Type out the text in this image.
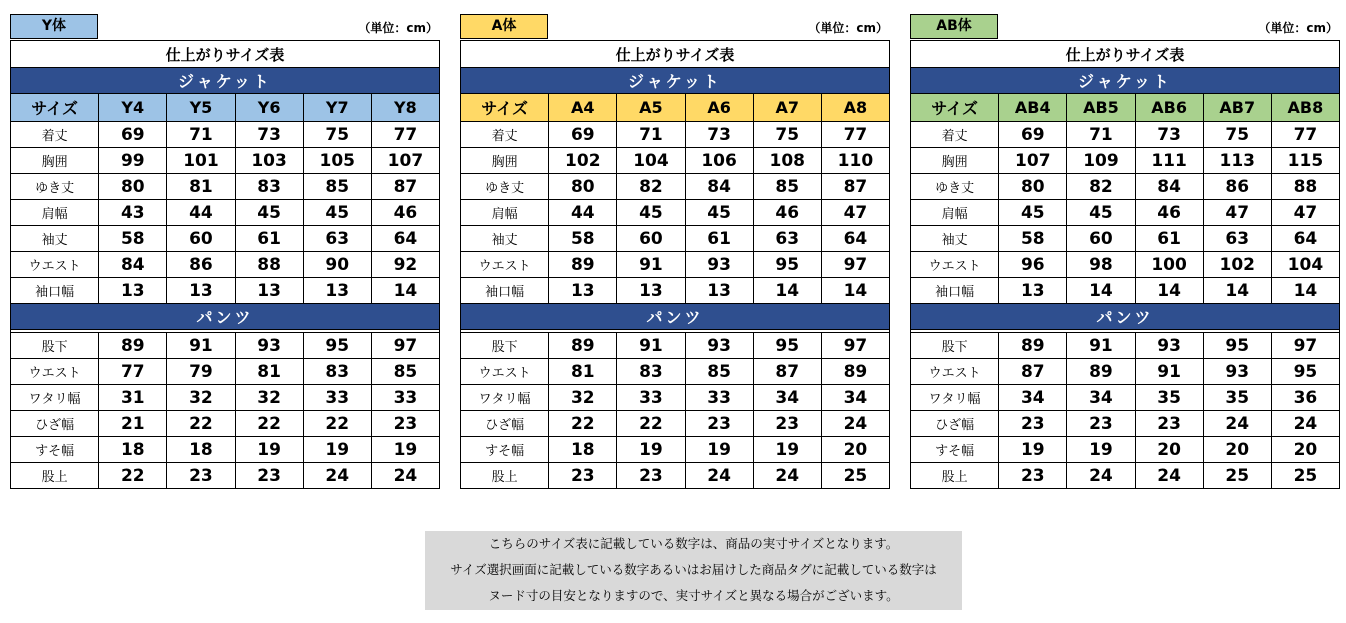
Y体	（単位：cm）
仕上がりサイズ表					
ジャケット					
サイズ	Y4	Y5	Y6	Y7	Y8
着丈	69	71	73	75	77
胸囲	99	101	103	105	107
ゆき丈	80	81	83	85	87
肩幅	43	44	45	45	46
袖丈	58	60	61	63	64
ウエスト	84	86	88	90	92
袖口幅	13	13	13	13	14
パンツ					

股下	89	91	93	95	97
ウエスト	77	79	81	83	85
ワタリ幅	31	32	32	33	33
ひざ幅	21	22	22	22	23
すそ幅	18	18	19	19	19
股上	22	23	23	24	24
A体	（単位：cm）
仕上がりサイズ表					
ジャケット					
サイズ	A4	A5	A6	A7	A8
着丈	69	71	73	75	77
胸囲	102	104	106	108	110
ゆき丈	80	82	84	85	87
肩幅	44	45	45	46	47
袖丈	58	60	61	63	64
ウエスト	89	91	93	95	97
袖口幅	13	13	13	14	14
パンツ					

股下	89	91	93	95	97
ウエスト	81	83	85	87	89
ワタリ幅	32	33	33	34	34
ひざ幅	22	22	23	23	24
すそ幅	18	19	19	19	20
股上	23	23	24	24	25
AB体	（単位：cm）
仕上がりサイズ表					
ジャケット					
サイズ	AB4	AB5	AB6	AB7	AB8
着丈	69	71	73	75	77
胸囲	107	109	111	113	115
ゆき丈	80	82	84	86	88
肩幅	45	45	46	47	47
袖丈	58	60	61	63	64
ウエスト	96	98	100	102	104
袖口幅	13	14	14	14	14
パンツ					

股下	89	91	93	95	97
ウエスト	87	89	91	93	95
ワタリ幅	34	34	35	35	36
ひざ幅	23	23	23	24	24
すそ幅	19	19	20	20	20
股上	23	24	24	25	25
こちらのサイズ表に記載している数字は、商品の実寸サイズとなります。
サイズ選択画面に記載している数字あるいはお届けした商品タグに記載している数字は
ヌード寸の目安となりますので、実寸サイズと異なる場合がございます。
